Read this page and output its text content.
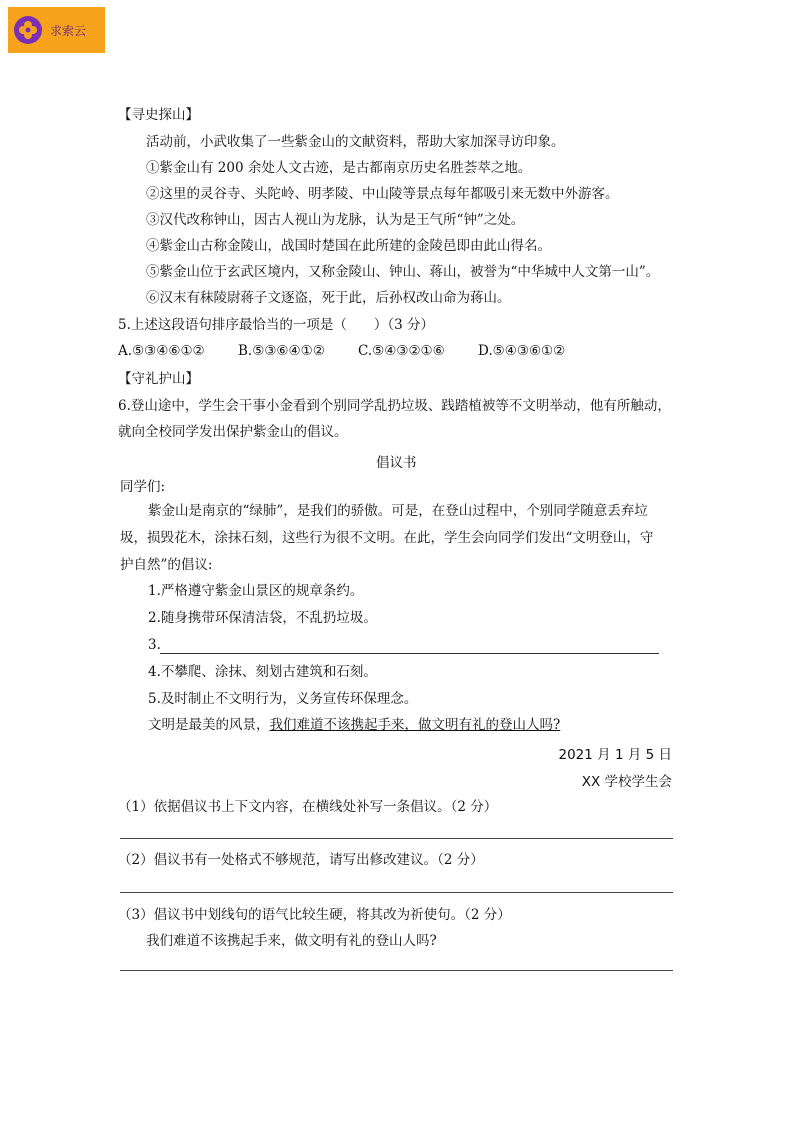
求索云
【寻史探山】
活动前，小武收集了一些紫金山的文献资料，帮助大家加深寻访印象。
①紫金山有 200 余处人文古迹，是古都南京历史名胜荟萃之地。
②这里的灵谷寺、头陀岭、明孝陵、中山陵等景点每年都吸引来无数中外游客。
③汉代改称钟山，因古人视山为龙脉，认为是王气所“钟”之处。
④紫金山古称金陵山，战国时楚国在此所建的金陵邑即由此山得名。
⑤紫金山位于玄武区境内，又称金陵山、钟山、蒋山，被誉为“中华城中人文第一山”。
⑥汉末有秣陵尉蒋子文逐盗，死于此，后孙权改山命为蒋山。
5.上述这段语句排序最恰当的一项是（　　）（3 分）
A.⑤③④⑥①② B.⑤③⑥④①② C.⑤④③②①⑥ D.⑤④③⑥①②
【守礼护山】
6.登山途中，学生会干事小金看到个别同学乱扔垃圾、践踏植被等不文明举动，他有所触动，
就向全校同学发出保护紫金山的倡议。
倡议书
同学们:
紫金山是南京的“绿肺”，是我们的骄傲。可是，在登山过程中，个别同学随意丢弃垃
圾，损毁花木，涂抹石刻，这些行为很不文明。在此，学生会向同学们发出“文明登山，守
护自然”的倡议:
1.严格遵守紫金山景区的规章条约。
2.随身携带环保清洁袋，不乱扔垃圾。
3.
4.不攀爬、涂抹、刻划古建筑和石刻。
5.及时制止不文明行为，义务宣传环保理念。
文明是最美的风景，我们难道不该携起手来，做文明有礼的登山人吗?
2021 月 1 月 5 日
XX 学校学生会
（1）依据倡议书上下文内容，在横线处补写一条倡议。（2 分）
（2）倡议书有一处格式不够规范，请写出修改建议。（2 分）
（3）倡议书中划线句的语气比较生硬，将其改为祈使句。（2 分）
我们难道不该携起手来，做文明有礼的登山人吗?
